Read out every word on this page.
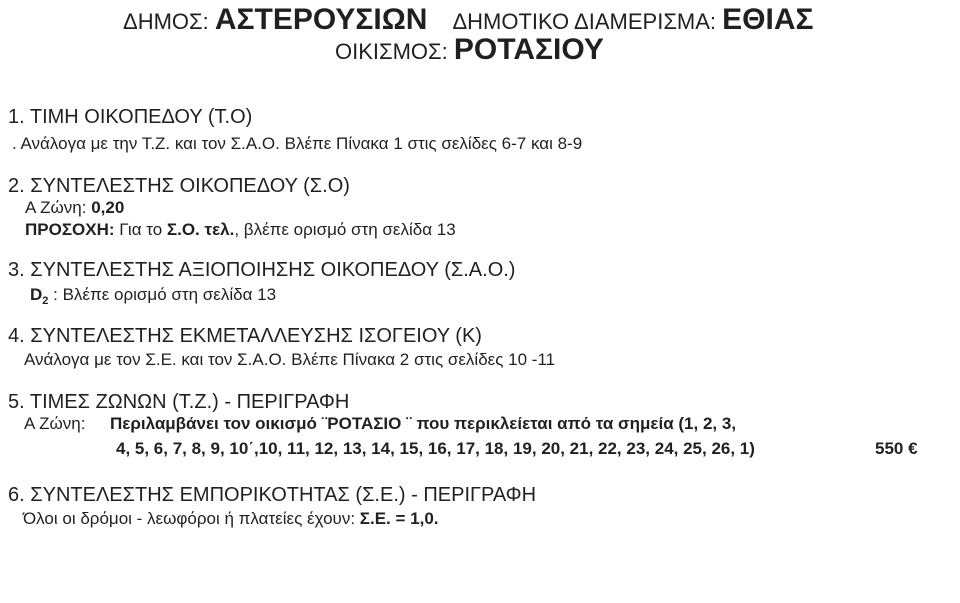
ΔΗΜΟΣ: ΑΣΤΕΡΟΥΣΙΩΝ ΔΗΜΟΤΙΚΟ ΔΙΑΜΕΡΙΣΜΑ: ΕΘΙΑΣ
ΟΙΚΙΣΜΟΣ: ΡΟΤΑΣΙΟΥ
1. ΤΙΜΗ ΟΙΚΟΠΕΔΟΥ (Τ.Ο)
. Ανάλογα με την Τ.Ζ. και τον Σ.Α.Ο. Βλέπε Πίνακα 1 στις σελίδες 6-7 και 8-9
2. ΣΥΝΤΕΛΕΣΤΗΣ ΟΙΚΟΠΕΔΟΥ (Σ.Ο)
Α Ζώνη: 0,20
ΠΡΟΣΟΧΗ: Για το Σ.Ο. τελ., βλέπε ορισμό στη σελίδα 13
3. ΣΥΝΤΕΛΕΣΤΗΣ ΑΞΙΟΠΟΙΗΣΗΣ ΟΙΚΟΠΕΔΟΥ (Σ.Α.Ο.)
$D_2$ : Βλέπε ορισμό στη σελίδα 13
4. ΣΥΝΤΕΛΕΣΤΗΣ ΕΚΜΕΤΑΛΛΕΥΣΗΣ ΙΣΟΓΕΙΟΥ (Κ)
Ανάλογα με τον Σ.Ε. και τον Σ.Α.Ο. Βλέπε Πίνακα 2 στις σελίδες 10 -11
5. ΤΙΜΕΣ ΖΩΝΩΝ (Τ.Ζ.) - ΠΕΡΙΓΡΑΦΗ
Α Ζώνη: Περιλαμβάνει τον οικισμό ¨ΡΟΤΑΣΙΟ ¨ που περικλείεται από τα σημεία (1, 2, 3,
4, 5, 6, 7, 8, 9, 10΄,10, 11, 12, 13, 14, 15, 16, 17, 18, 19, 20, 21, 22, 23, 24, 25, 26, 1)	550 €
6. ΣΥΝΤΕΛΕΣΤΗΣ ΕΜΠΟΡΙΚΟΤΗΤΑΣ (Σ.Ε.) - ΠΕΡΙΓΡΑΦΗ
Όλοι οι δρόμοι - λεωφόροι ή πλατείες έχουν: Σ.Ε. = 1,0.
